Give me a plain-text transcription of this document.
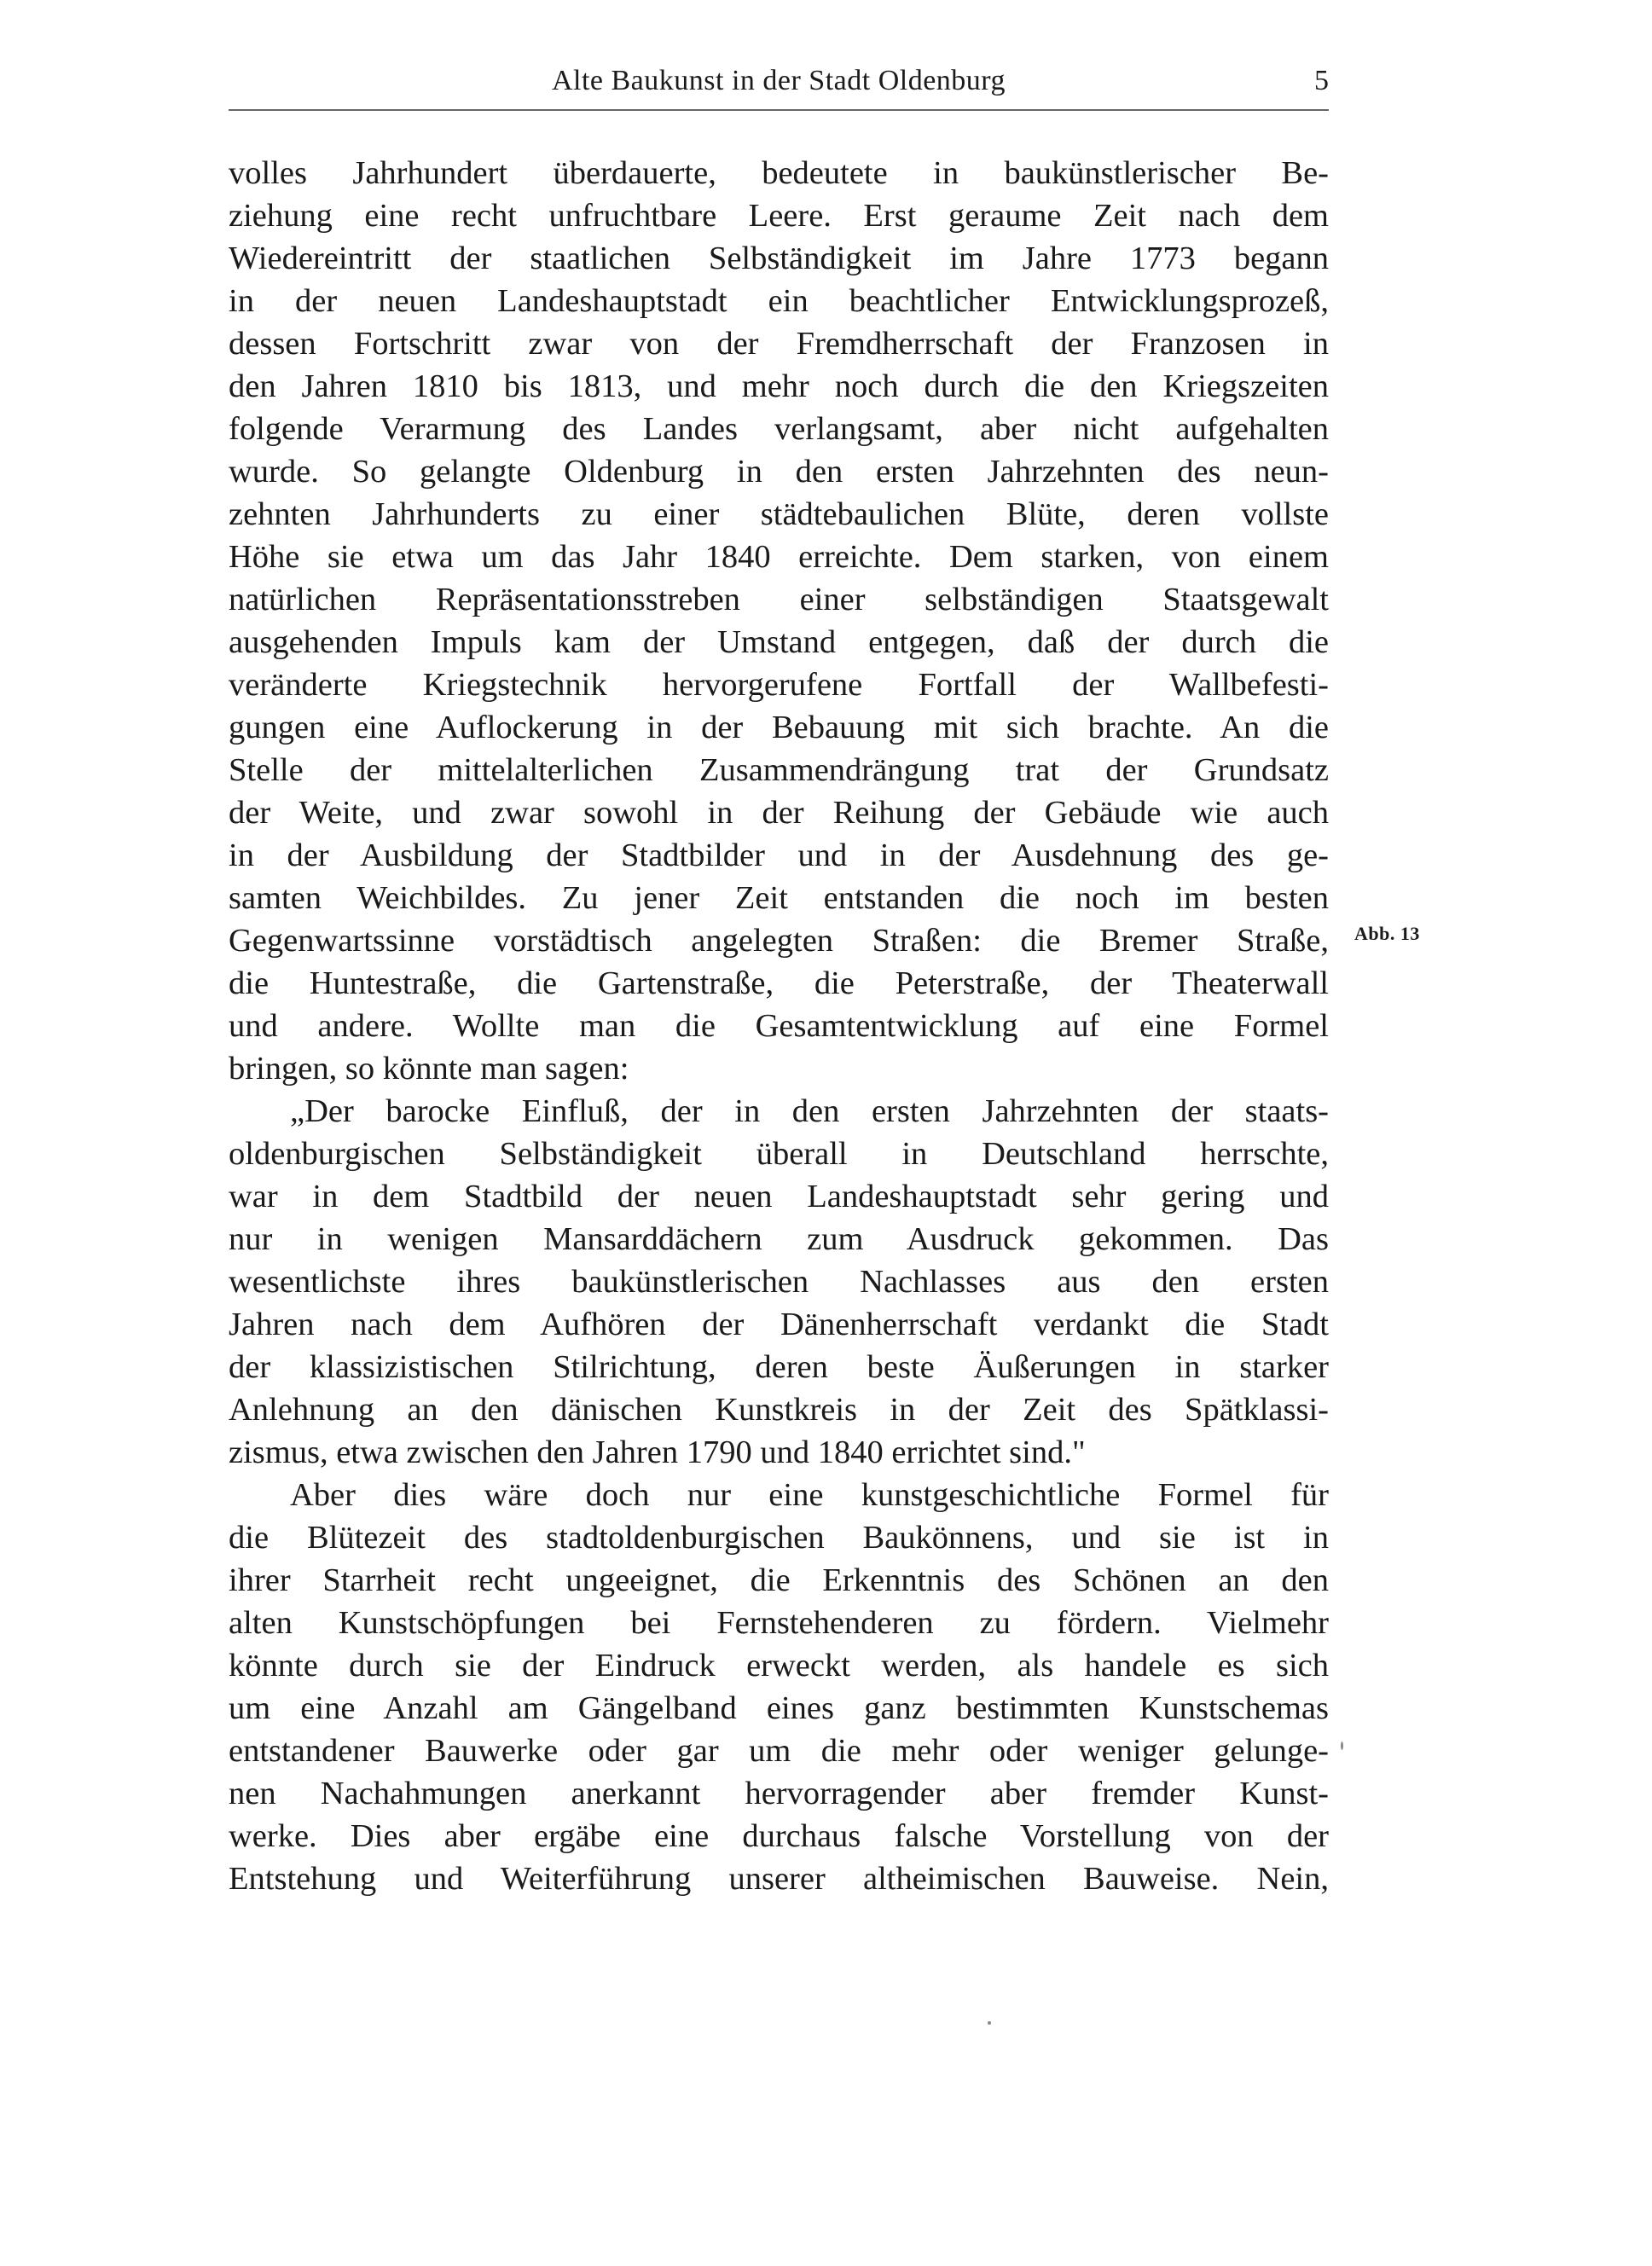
Alte Baukunst in der Stadt Oldenburg	5
volles Jahrhundert überdauerte, bedeutete in baukünstlerischer Be-
ziehung eine recht unfruchtbare Leere. Erst geraume Zeit nach dem
Wiedereintritt der staatlichen Selbständigkeit im Jahre 1773 begann
in der neuen Landeshauptstadt ein beachtlicher Entwicklungsprozeß,
dessen Fortschritt zwar von der Fremdherrschaft der Franzosen in
den Jahren 1810 bis 1813, und mehr noch durch die den Kriegszeiten
folgende Verarmung des Landes verlangsamt, aber nicht aufgehalten
wurde. So gelangte Oldenburg in den ersten Jahrzehnten des neun-
zehnten Jahrhunderts zu einer städtebaulichen Blüte, deren vollste
Höhe sie etwa um das Jahr 1840 erreichte. Dem starken, von einem
natürlichen Repräsentationsstreben einer selbständigen Staatsgewalt
ausgehenden Impuls kam der Umstand entgegen, daß der durch die
veränderte Kriegstechnik hervorgerufene Fortfall der Wallbefesti-
gungen eine Auflockerung in der Bebauung mit sich brachte. An die
Stelle der mittelalterlichen Zusammendrängung trat der Grundsatz
der Weite, und zwar sowohl in der Reihung der Gebäude wie auch
in der Ausbildung der Stadtbilder und in der Ausdehnung des ge-
samten Weichbildes. Zu jener Zeit entstanden die noch im besten
Gegenwartssinne vorstädtisch angelegten Straßen: die Bremer Straße,
die Huntestraße, die Gartenstraße, die Peterstraße, der Theaterwall
und andere. Wollte man die Gesamtentwicklung auf eine Formel
bringen, so könnte man sagen:
„Der barocke Einfluß, der in den ersten Jahrzehnten der staats-
oldenburgischen Selbständigkeit überall in Deutschland herrschte,
war in dem Stadtbild der neuen Landeshauptstadt sehr gering und
nur in wenigen Mansarddächern zum Ausdruck gekommen. Das
wesentlichste ihres baukünstlerischen Nachlasses aus den ersten
Jahren nach dem Aufhören der Dänenherrschaft verdankt die Stadt
der klassizistischen Stilrichtung, deren beste Äußerungen in starker
Anlehnung an den dänischen Kunstkreis in der Zeit des Spätklassi-
zismus, etwa zwischen den Jahren 1790 und 1840 errichtet sind."
Aber dies wäre doch nur eine kunstgeschichtliche Formel für
die Blütezeit des stadtoldenburgischen Baukönnens, und sie ist in
ihrer Starrheit recht ungeeignet, die Erkenntnis des Schönen an den
alten Kunstschöpfungen bei Fernstehenderen zu fördern. Vielmehr
könnte durch sie der Eindruck erweckt werden, als handele es sich
um eine Anzahl am Gängelband eines ganz bestimmten Kunstschemas
entstandener Bauwerke oder gar um die mehr oder weniger gelunge-
nen Nachahmungen anerkannt hervorragender aber fremder Kunst-
werke. Dies aber ergäbe eine durchaus falsche Vorstellung von der
Entstehung und Weiterführung unserer altheimischen Bauweise. Nein,
Abb. 13
